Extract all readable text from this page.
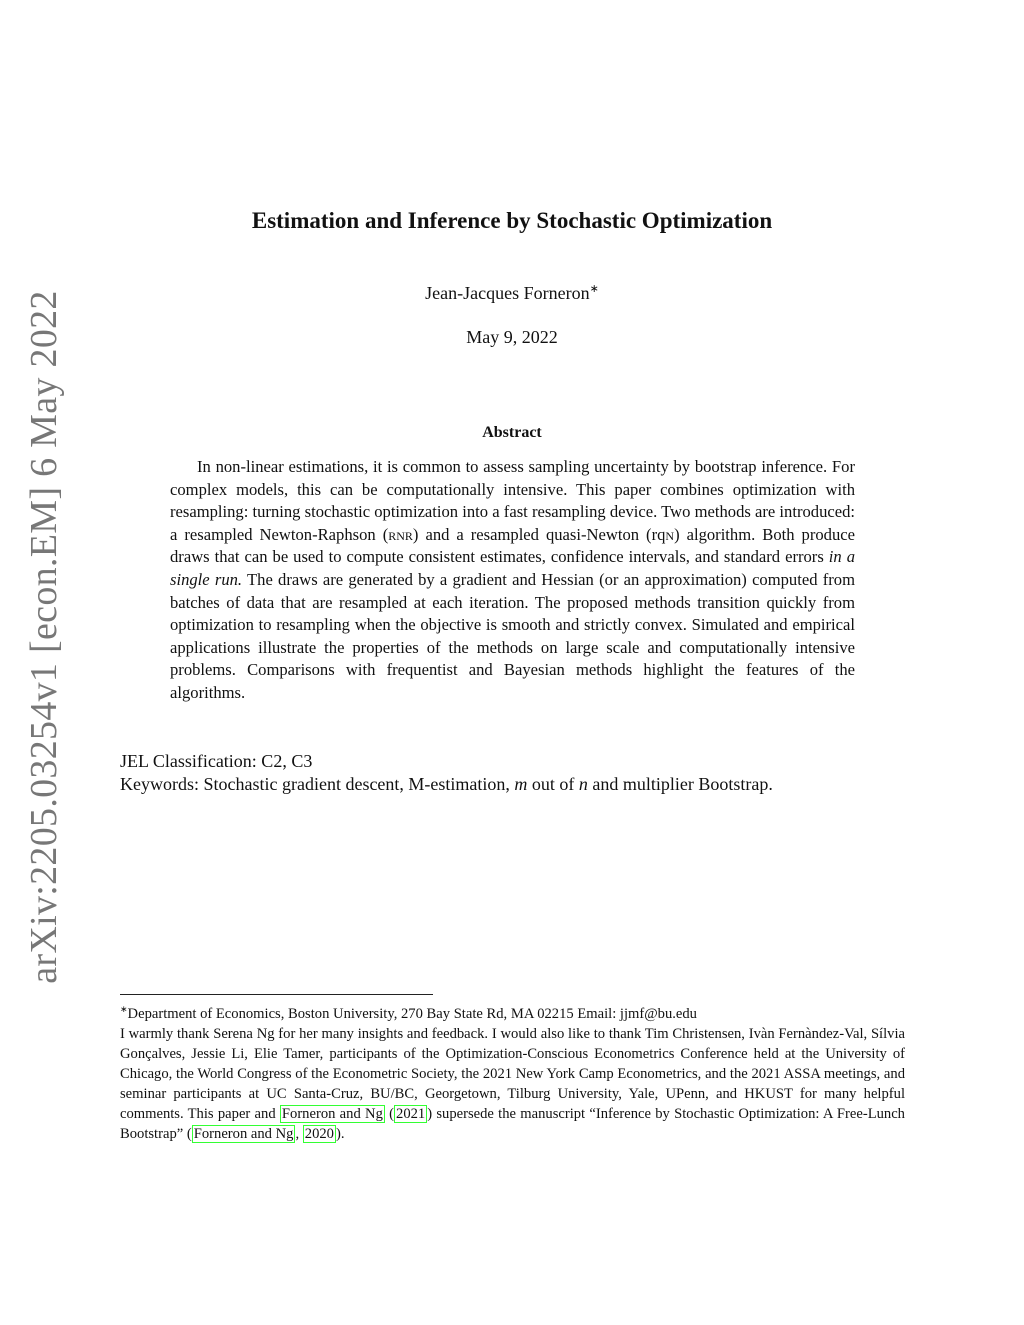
arXiv:2205.03254v1 [econ.EM] 6 May 2022
Estimation and Inference by Stochastic Optimization
Jean-Jacques Forneron∗
May 9, 2022
Abstract

In non-linear estimations, it is common to assess sampling uncertainty by bootstrap inference. For complex models, this can be computationally intensive. This paper combines optimization with resampling: turning stochastic optimization into a fast resampling device. Two methods are introduced: a resampled Newton-Raphson (rnr) and a resampled quasi-Newton (rqn) algorithm. Both produce draws that can be used to compute consistent estimates, confidence intervals, and standard errors in a single run. The draws are generated by a gradient and Hessian (or an approximation) computed from batches of data that are resampled at each iteration. The proposed methods transition quickly from optimization to resampling when the objective is smooth and strictly convex. Simulated and empirical applications illustrate the properties of the methods on large scale and computationally intensive problems. Comparisons with frequentist and Bayesian methods highlight the features of the algorithms.

JEL Classification: C2, C3
Keywords: Stochastic gradient descent, M-estimation, m out of n and multiplier Bootstrap.

∗Department of Economics, Boston University, 270 Bay State Rd, MA 02215 Email: jjmf@bu.edu

I warmly thank Serena Ng for her many insights and feedback. I would also like to thank Tim Christensen, Ivàn Fernàndez-Val, Sílvia Gonçalves, Jessie Li, Elie Tamer, participants of the Optimization-Conscious Econometrics Conference held at the University of Chicago, the World Congress of the Econometric Society, the 2021 New York Camp Econometrics, and the 2021 ASSA meetings, and seminar participants at UC Santa-Cruz, BU/BC, Georgetown, Tilburg University, Yale, UPenn, and HKUST for many helpful comments. This paper and Forneron and Ng ( 2021 ) supersede the manuscript “Inference by Stochastic Optimization: A Free-Lunch Bootstrap” ( Forneron and Ng , 2020 ).
